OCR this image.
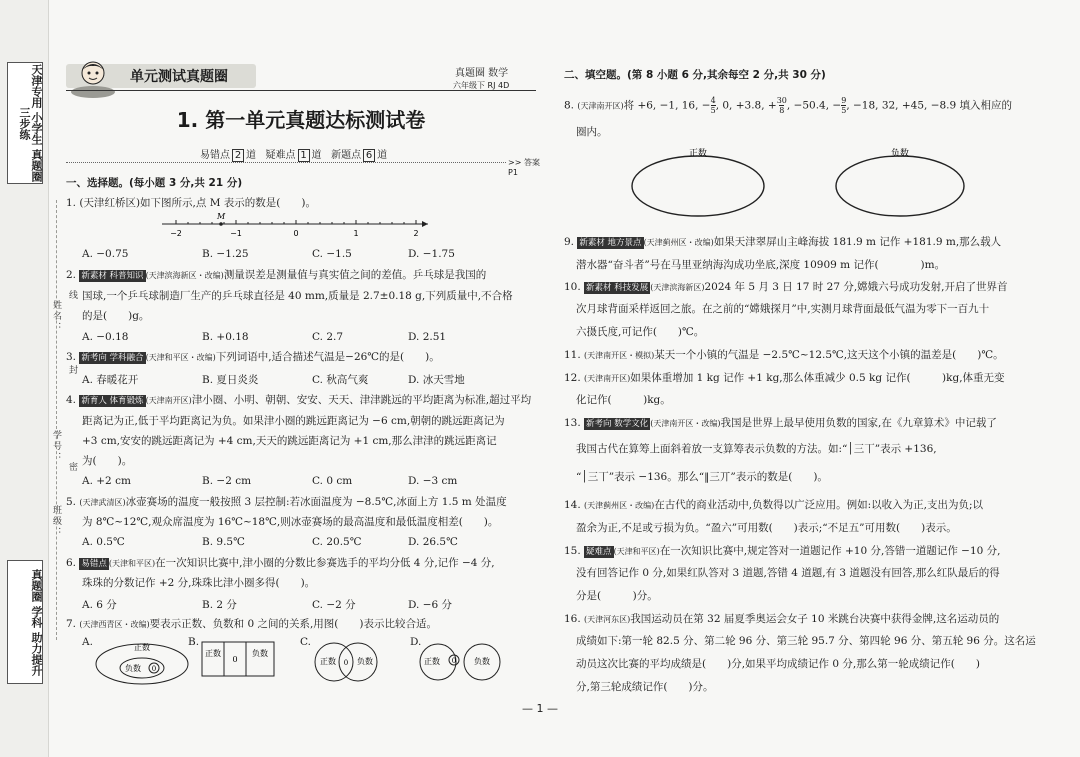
天津专用 小学生 真题圈 三步练
真题圈 学科 助力提升
姓名：
学号：
班级：
线
封
密
单元测试真题圈	真题圈 数学
六年级下 RJ 4D
1. 第一单元真题达标测试卷
易错点 2 道 疑难点 1 道 新题点 6 道
>> 答案 P1
一、选择题。(每小题 3 分,共 21 分)
1. (天津红桥区)如下图所示,点 M 表示的数是(　　)。
M
−2	−1	0	1	2
A. −0.75	B. −1.25	C. −1.5	D. −1.75
2. 新素材 科普知识 (天津滨海新区・改编)测量误差是测量值与真实值之间的差值。乒乓球是我国的
国球,一个乒乓球制造厂生产的乒乓球直径是 40 mm,质量是 2.7±0.18 g,下列质量中,不合格
的是(　　)g。
A. −0.18	B. +0.18	C. 2.7	D. 2.51
3. 新考向 学科融合 (天津和平区・改编)下列词语中,适合描述气温是−26℃的是(　　)。
A. 春暖花开	B. 夏日炎炎	C. 秋高气爽	D. 冰天雪地
4. 新育人 体育锻炼 (天津南开区)津小圈、小明、朝朝、安安、天天、津津跳远的平均距离为标准,超过平均
距离记为正,低于平均距离记为负。如果津小圈的跳远距离记为 −6 cm,朝朝的跳远距离记为
+3 cm,安安的跳远距离记为 +4 cm,天天的跳远距离记为 +1 cm,那么津津的跳远距离记
为(　　)。
A. +2 cm	B. −2 cm	C. 0 cm	D. −3 cm
5. (天津武清区)冰壶赛场的温度一般按照 3 层控制:若冰面温度为 −8.5℃,冰面上方 1.5 m 处温度
为 8℃~12℃,观众席温度为 16℃~18℃,则冰壶赛场的最高温度和最低温度相差(　　)。
A. 0.5℃	B. 9.5℃	C. 20.5℃	D. 26.5℃
6. 易错点 (天津和平区)在一次知识比赛中,津小圈的分数比参赛选手的平均分低 4 分,记作 −4 分,
珠珠的分数记作 +2 分,珠珠比津小圈多得(　　)。
A. 6 分	B. 2 分	C. −2 分	D. −6 分
7. (天津西青区・改编)要表示正数、负数和 0 之间的关系,用图(　　)表示比较合适。
A.	正数
负数 0
B.
正数
0
负数
C.
正数 0 负数
D.
正数 0 负数
二、填空题。(第 8 小题 6 分,其余每空 2 分,共 30 分)
8. (天津南开区)将 +6, −1, 16, $-\frac{4}{5}$, 0, +3.8, $+\frac{30}{8}$, −50.4, $-\frac{9}{5}$, −18, 32, +45, −8.9 填入相应的
圈内。
正数	负数
9. 新素材 地方景点 (天津蓟州区・改编)如果天津翠屏山主峰海拔 181.9 m 记作 +181.9 m,那么载人
潜水器“奋斗者”号在马里亚纳海沟成功坐底,深度 10909 m 记作(　　　　)m。
10. 新素材 科技发展 (天津滨海新区)2024 年 5 月 3 日 17 时 27 分,嫦娥六号成功发射,开启了世界首
次月球背面采样返回之旅。在之前的“嫦娥探月”中,实测月球背面最低气温为零下一百九十
六摄氏度,可记作(　　)℃。
11. (天津南开区・模拟)某天一个小镇的气温是 −2.5℃~12.5℃,这天这个小镇的温差是(　　)℃。
12. (天津南开区)如果体重增加 1 kg 记作 +1 kg,那么体重减少 0.5 kg 记作(　　　)kg,体重无变
化记作(　　　)kg。
13. 新考向 数学文化 (天津南开区・改编)我国是世界上最早使用负数的国家,在《九章算术》中记载了
我国古代在算筹上面斜着放一支算筹表示负数的方法。如:“│三丅”表示 +136,
“│三丅”表示 −136。那么“‖三丌”表示的数是(　　)。
14. (天津蓟州区・改编)在古代的商业活动中,负数得以广泛应用。例如:以收入为正,支出为负;以
盈余为正,不足或亏损为负。“盈六”可用数(　　)表示;“不足五”可用数(　　)表示。
15. 疑难点 (天津和平区)在一次知识比赛中,规定答对一道题记作 +10 分,答错一道题记作 −10 分,
没有回答记作 0 分,如果红队答对 3 道题,答错 4 道题,有 3 道题没有回答,那么红队最后的得
分是(　　　)分。
16. (天津河东区)我国运动员在第 32 届夏季奥运会女子 10 米跳台决赛中获得金牌,这名运动员的
成绩如下:第一轮 82.5 分、第二轮 96 分、第三轮 95.7 分、第四轮 96 分、第五轮 96 分。这名运
动员这次比赛的平均成绩是(　　)分,如果平均成绩记作 0 分,那么第一轮成绩记作(　　)
分,第三轮成绩记作(　　)分。
— 1 —
